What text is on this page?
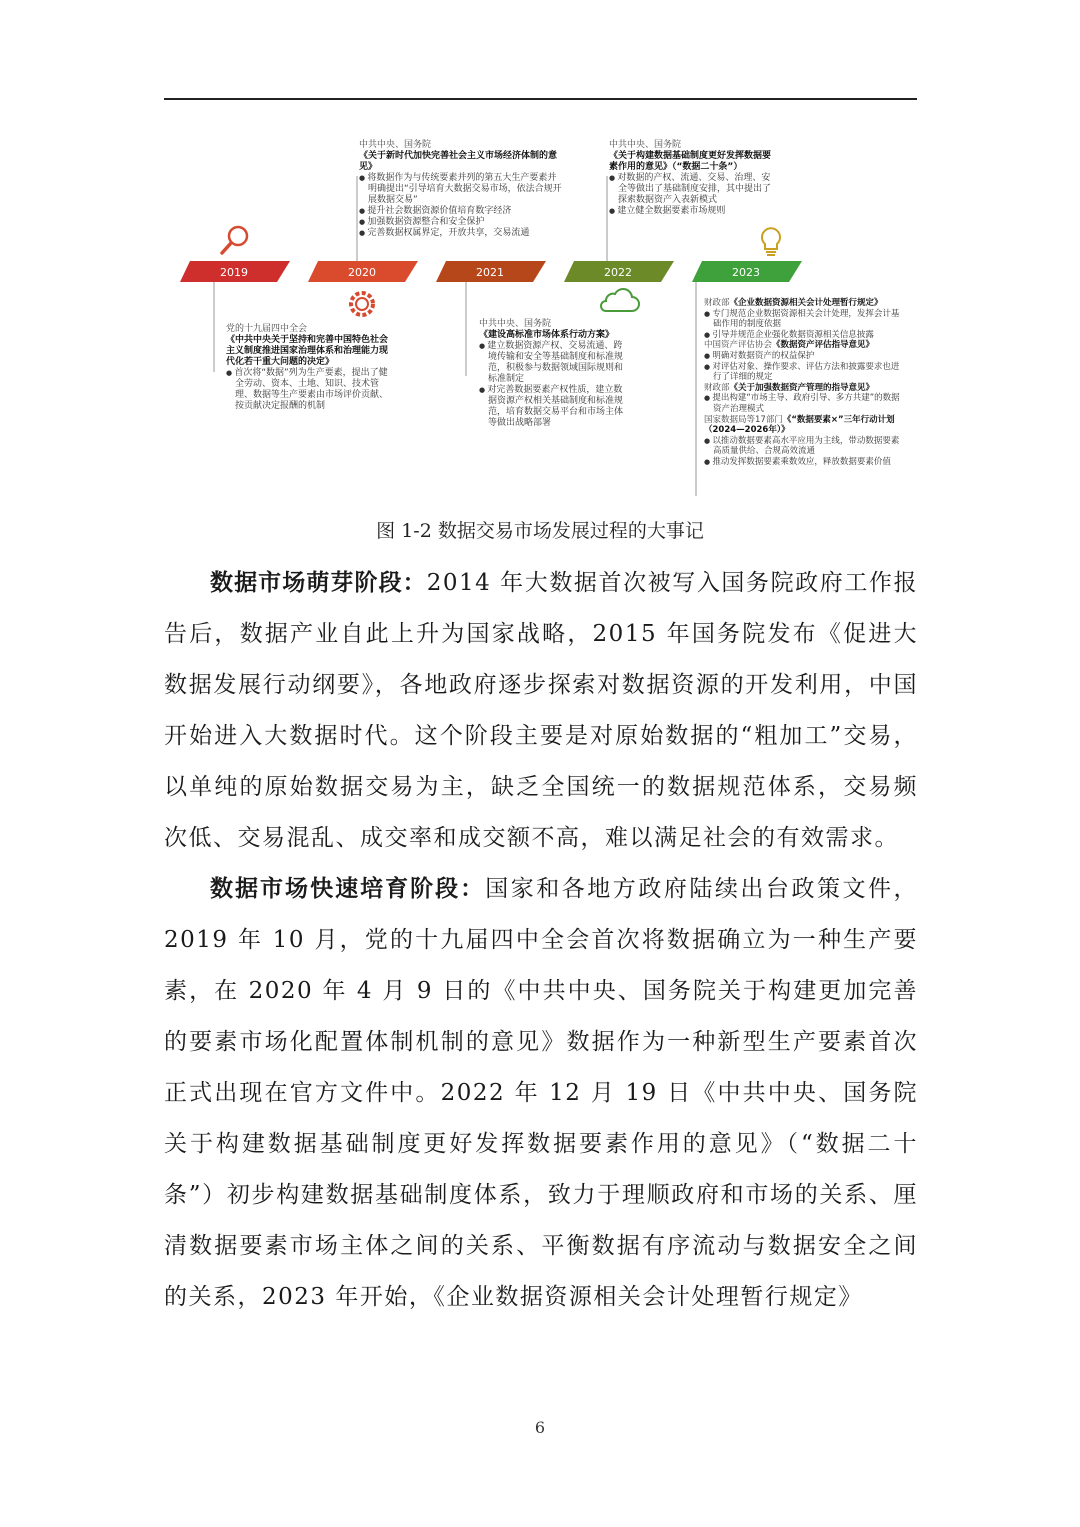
2019	2020	2021	2022	2023
中共中央、国务院
《关于新时代加快完善社会主义市场经济体制的意见》
● 将数据作为与传统要素并列的第五大生产要素并明确提出“引导培育大数据交易市场，依法合规开展数据交易”
● 提升社会数据资源价值培育数字经济
● 加强数据资源整合和安全保护
● 完善数据权属界定，开放共享，交易流通
中共中央、国务院
《关于构建数据基础制度更好发挥数据要素作用的意见》（“数据二十条”）
● 对数据的产权、流通、交易、治理、安全等做出了基础制度安排，其中提出了探索数据资产入表新模式
● 建立健全数据要素市场规则
党的十九届四中全会
《中共中央关于坚持和完善中国特色社会主义制度推进国家治理体系和治理能力现代化若干重大问题的决定》
● 首次将“数据”列为生产要素，提出了健全劳动、资本、土地、知识、技术管理、数据等生产要素由市场评价贡献、按贡献决定报酬的机制
中共中央、国务院
《建设高标准市场体系行动方案》
● 建立数据资源产权、交易流通、跨境传输和安全等基础制度和标准规范，积极参与数据领域国际规则和标准制定
● 对完善数据要素产权性质，建立数据资源产权相关基础制度和标准规范，培育数据交易平台和市场主体等做出战略部署
财政部《企业数据资源相关会计处理暂行规定》
● 专门规范企业数据资源相关会计处理，发挥会计基础作用的制度依据
● 引导并规范企业强化数据资源相关信息披露
中国资产评估协会《数据资产评估指导意见》
● 明确对数据资产的权益保护
● 对评估对象、操作要求、评估方法和披露要求也进行了详细的规定
财政部《关于加强数据资产管理的指导意见》
● 提出构建“市场主导、政府引导、多方共建”的数据资产治理模式
国家数据局等17部门《“数据要素×”三年行动计划（2024—2026年）》
● 以推动数据要素高水平应用为主线，带动数据要素高质量供给、合规高效流通
● 推动发挥数据要素乘数效应，释放数据要素价值
图 1-2 数据交易市场发展过程的大事记

数据市场萌芽阶段：2014 年大数据首次被写入国务院政府工作报告后，数据产业自此上升为国家战略，2015 年国务院发布《促进大数据发展行动纲要》，各地政府逐步探索对数据资源的开发利用，中国开始进入大数据时代。这个阶段主要是对原始数据的“粗加工”交易，以单纯的原始数据交易为主，缺乏全国统一的数据规范体系，交易频次低、交易混乱、成交率和成交额不高，难以满足社会的有效需求。

数据市场快速培育阶段：国家和各地方政府陆续出台政策文件，2019 年 10 月，党的十九届四中全会首次将数据确立为一种生产要素，在 2020 年 4 月 9 日的《中共中央、国务院关于构建更加完善的要素市场化配置体制机制的意见》数据作为一种新型生产要素首次正式出现在官方文件中。2022 年 12 月 19 日《中共中央、国务院关于构建数据基础制度更好发挥数据要素作用的意见》（“数据二十条”）初步构建数据基础制度体系，致力于理顺政府和市场的关系、厘清数据要素市场主体之间的关系、平衡数据有序流动与数据安全之间的关系，2023 年开始，《企业数据资源相关会计处理暂行规定》

6
